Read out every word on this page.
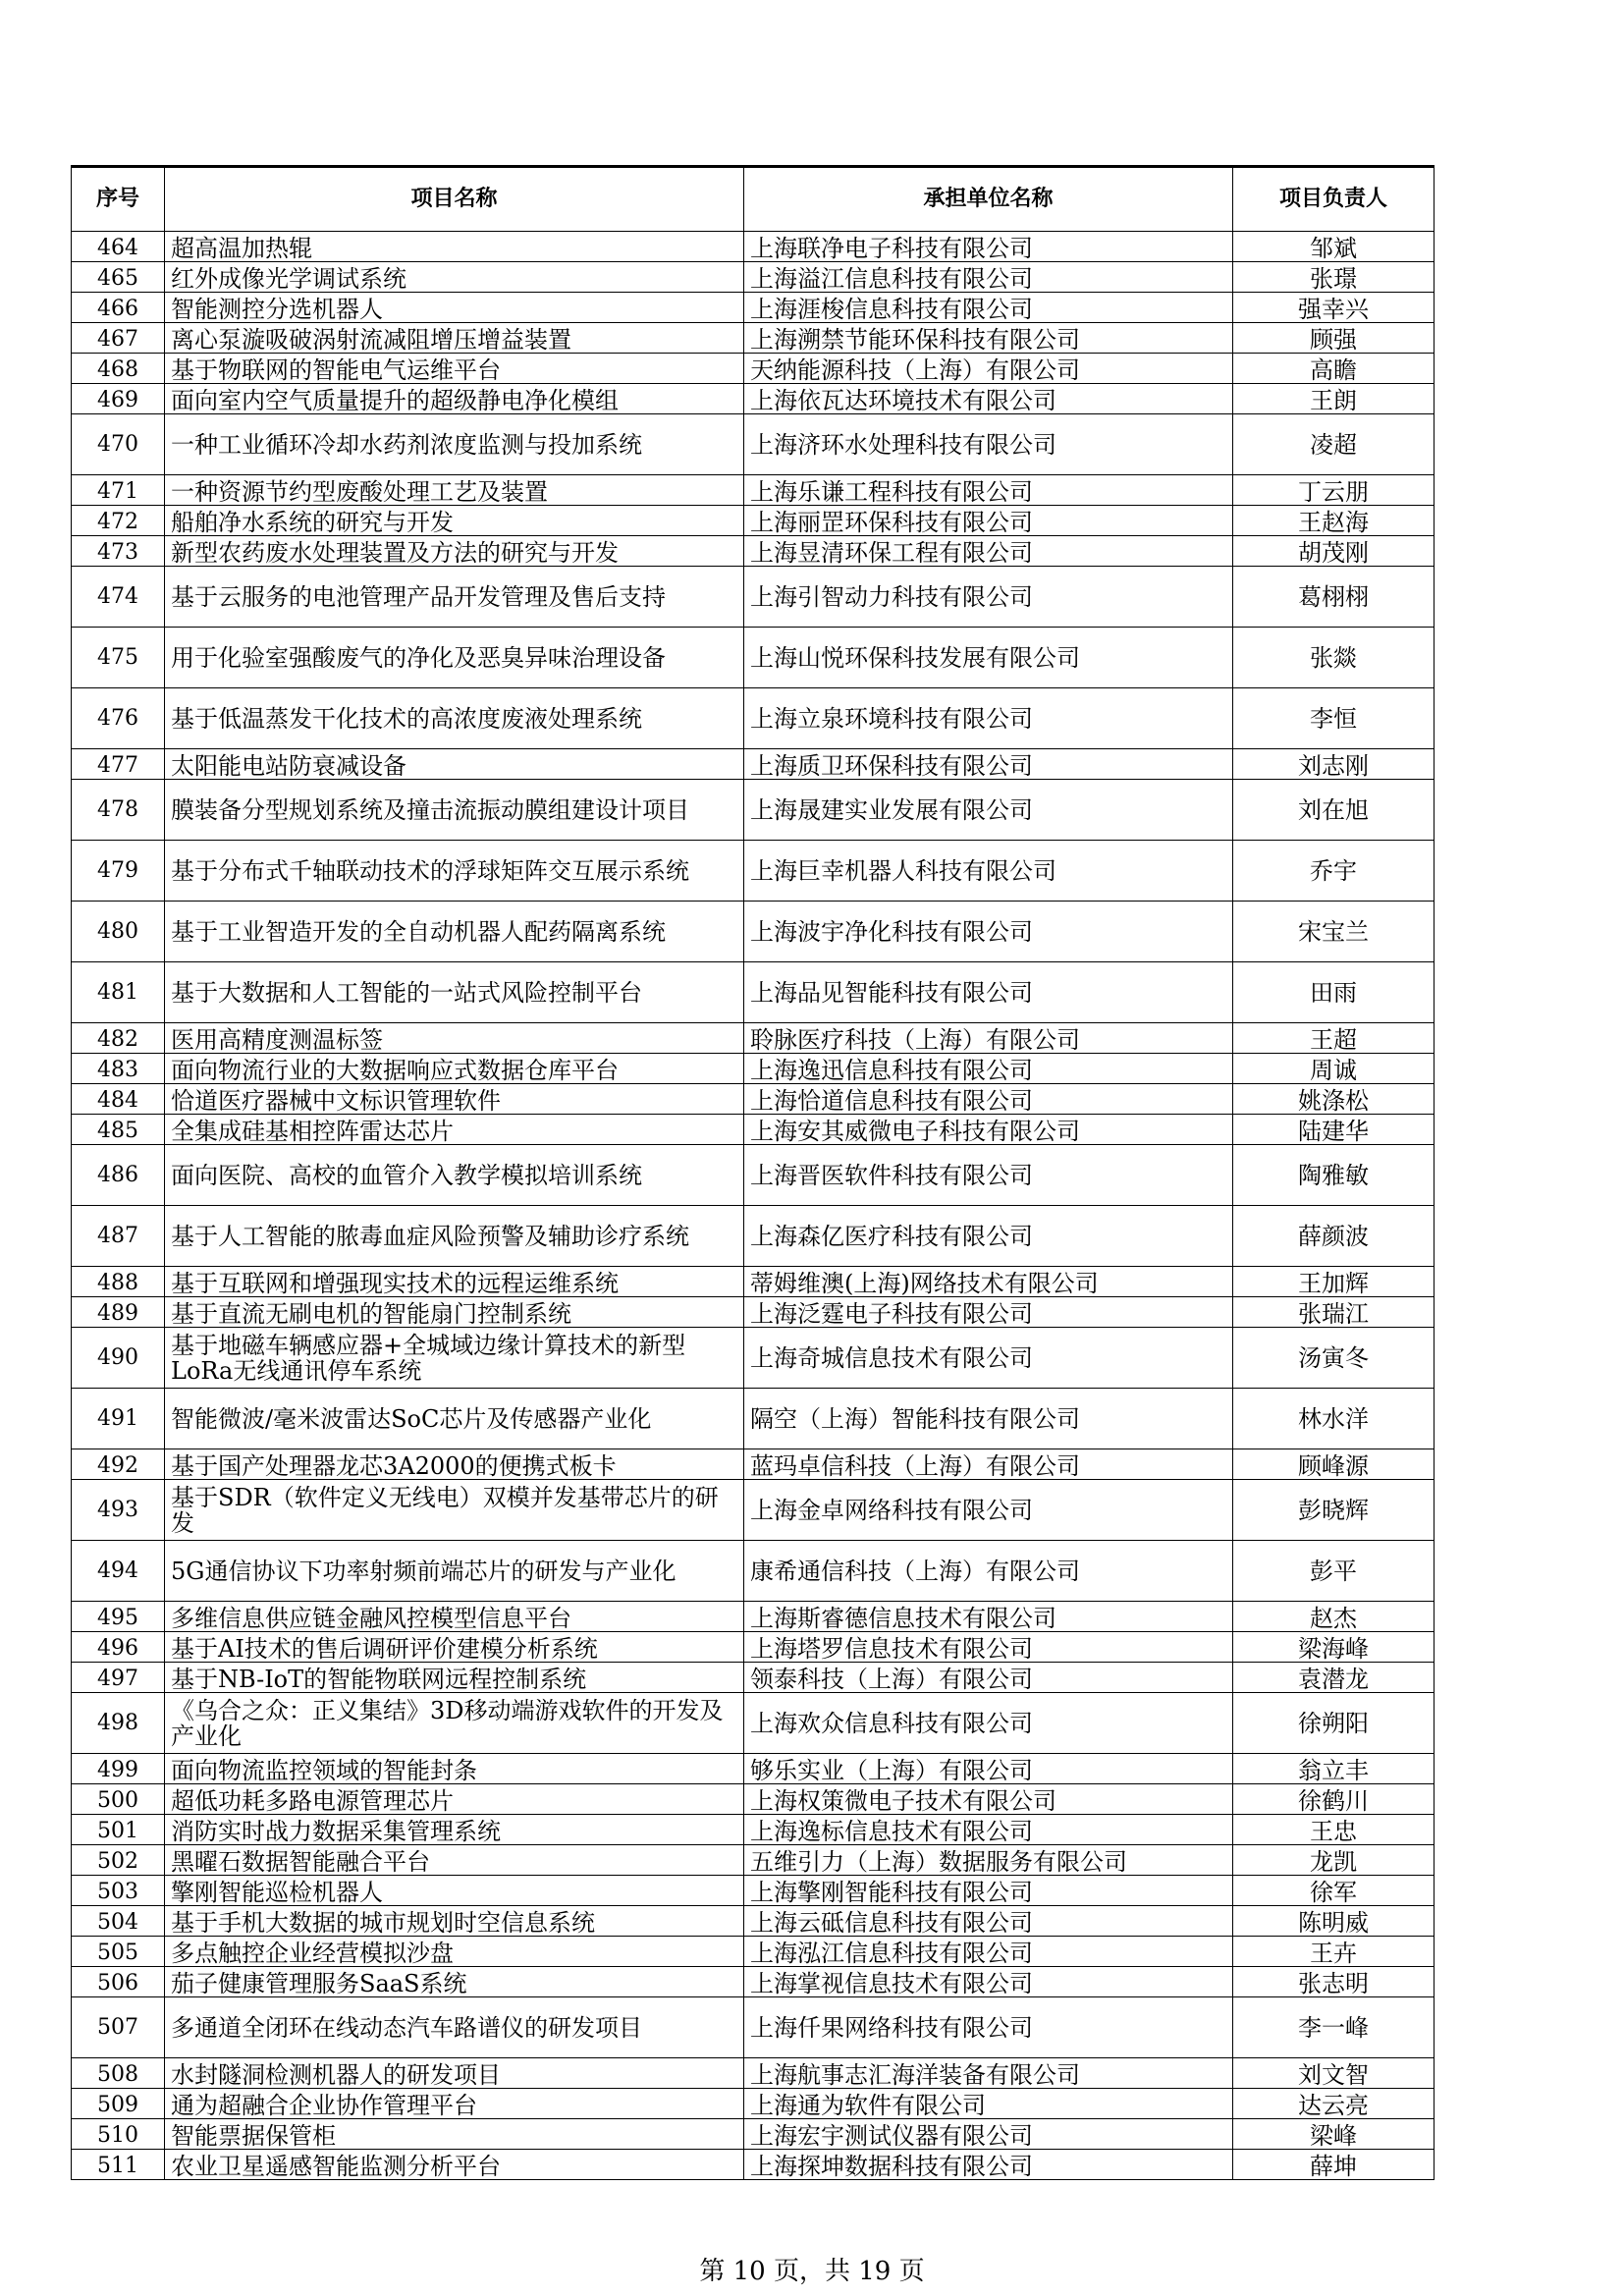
序号	项目名称	承担单位名称	项目负责人
464	超高温加热辊	上海联净电子科技有限公司	邹斌
465	红外成像光学调试系统	上海溢江信息科技有限公司	张璟
466	智能测控分选机器人	上海涯梭信息科技有限公司	强幸兴
467	离心泵漩吸破涡射流减阻增压增益装置	上海溯禁节能环保科技有限公司	顾强
468	基于物联网的智能电气运维平台	天纳能源科技（上海）有限公司	高瞻
469	面向室内空气质量提升的超级静电净化模组	上海依瓦达环境技术有限公司	王朗
470	一种工业循环冷却水药剂浓度监测与投加系统	上海济环水处理科技有限公司	凌超
471	一种资源节约型废酸处理工艺及装置	上海乐谦工程科技有限公司	丁云朋
472	船舶净水系统的研究与开发	上海丽罡环保科技有限公司	王赵海
473	新型农药废水处理装置及方法的研究与开发	上海昱清环保工程有限公司	胡茂刚
474	基于云服务的电池管理产品开发管理及售后支持	上海引智动力科技有限公司	葛栩栩
475	用于化验室强酸废气的净化及恶臭异味治理设备	上海山悦环保科技发展有限公司	张燚
476	基于低温蒸发干化技术的高浓度废液处理系统	上海立泉环境科技有限公司	李恒
477	太阳能电站防衰减设备	上海质卫环保科技有限公司	刘志刚
478	膜装备分型规划系统及撞击流振动膜组建设计项目	上海晟建实业发展有限公司	刘在旭
479	基于分布式千轴联动技术的浮球矩阵交互展示系统	上海巨幸机器人科技有限公司	乔宇
480	基于工业智造开发的全自动机器人配药隔离系统	上海波宇净化科技有限公司	宋宝兰
481	基于大数据和人工智能的一站式风险控制平台	上海品见智能科技有限公司	田雨
482	医用高精度测温标签	聆脉医疗科技（上海）有限公司	王超
483	面向物流行业的大数据响应式数据仓库平台	上海逸迅信息科技有限公司	周诚
484	恰道医疗器械中文标识管理软件	上海恰道信息科技有限公司	姚涤松
485	全集成硅基相控阵雷达芯片	上海安其威微电子科技有限公司	陆建华
486	面向医院、高校的血管介入教学模拟培训系统	上海晋医软件科技有限公司	陶雅敏
487	基于人工智能的脓毒血症风险预警及辅助诊疗系统	上海森亿医疗科技有限公司	薛颜波
488	基于互联网和增强现实技术的远程运维系统	蒂姆维澳(上海)网络技术有限公司	王加辉
489	基于直流无刷电机的智能扇门控制系统	上海泛霆电子科技有限公司	张瑞江
490	基于地磁车辆感应器+全城域边缘计算技术的新型LoRa无线通讯停车系统	上海奇城信息技术有限公司	汤寅冬
491	智能微波/毫米波雷达SoC芯片及传感器产业化	隔空（上海）智能科技有限公司	林水洋
492	基于国产处理器龙芯3A2000的便携式板卡	蓝玛卓信科技（上海）有限公司	顾峰源
493	基于SDR（软件定义无线电）双模并发基带芯片的研发	上海金卓网络科技有限公司	彭晓辉
494	5G通信协议下功率射频前端芯片的研发与产业化	康希通信科技（上海）有限公司	彭平
495	多维信息供应链金融风控模型信息平台	上海斯睿德信息技术有限公司	赵杰
496	基于AI技术的售后调研评价建模分析系统	上海塔罗信息技术有限公司	梁海峰
497	基于NB-IoT的智能物联网远程控制系统	领泰科技（上海）有限公司	袁潜龙
498	《乌合之众：正义集结》3D移动端游戏软件的开发及产业化	上海欢众信息科技有限公司	徐朔阳
499	面向物流监控领域的智能封条	够乐实业（上海）有限公司	翁立丰
500	超低功耗多路电源管理芯片	上海权策微电子技术有限公司	徐鹤川
501	消防实时战力数据采集管理系统	上海逸标信息技术有限公司	王忠
502	黑曜石数据智能融合平台	五维引力（上海）数据服务有限公司	龙凯
503	擎刚智能巡检机器人	上海擎刚智能科技有限公司	徐军
504	基于手机大数据的城市规划时空信息系统	上海云砥信息科技有限公司	陈明威
505	多点触控企业经营模拟沙盘	上海泓江信息科技有限公司	王卉
506	茄子健康管理服务SaaS系统	上海掌视信息技术有限公司	张志明
507	多通道全闭环在线动态汽车路谱仪的研发项目	上海仟果网络科技有限公司	李一峰
508	水封隧洞检测机器人的研发项目	上海航事志汇海洋装备有限公司	刘文智
509	通为超融合企业协作管理平台	上海通为软件有限公司	达云亮
510	智能票据保管柜	上海宏宇测试仪器有限公司	梁峰
511	农业卫星遥感智能监测分析平台	上海探坤数据科技有限公司	薛坤
第 10 页，共 19 页
